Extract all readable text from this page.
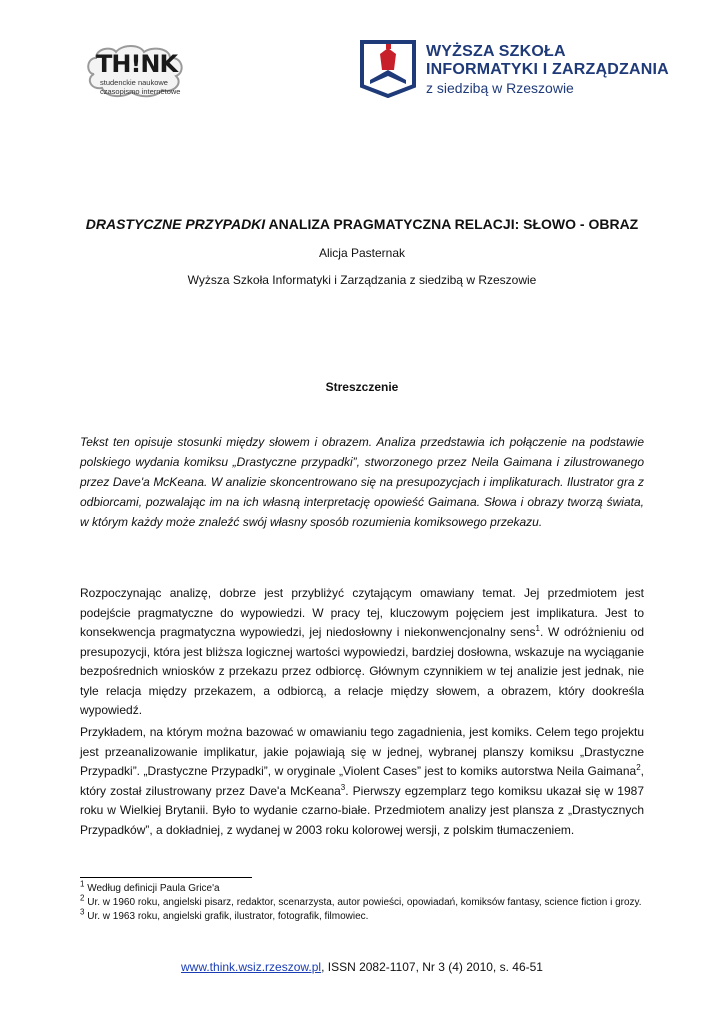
TH!NK
studenckie naukowe
czasopismo internetowe
WYŻSZA SZKOŁA
INFORMATYKI I ZARZĄDZANIA
z siedzibą w Rzeszowie
DRASTYCZNE PRZYPADKI ANALIZA PRAGMATYCZNA RELACJI: SŁOWO - OBRAZ
Alicja Pasternak
Wyższa Szkoła Informatyki i Zarządzania z siedzibą w Rzeszowie
Streszczenie
Tekst ten opisuje stosunki między słowem i obrazem. Analiza przedstawia ich połączenie na podstawie polskiego wydania komiksu „Drastyczne przypadki”, stworzonego przez Neila Gaimana i zilustrowanego przez Dave'a McKeana. W analizie skoncentrowano się na presupozycjach i implikaturach. Ilustrator gra z odbiorcami, pozwalając im na ich własną interpretację opowieść Gaimana. Słowa i obrazy tworzą świata, w którym każdy może znaleźć swój własny sposób rozumienia komiksowego przekazu.
Rozpoczynając analizę, dobrze jest przybliżyć czytającym omawiany temat. Jej przedmiotem jest podejście pragmatyczne do wypowiedzi. W pracy tej, kluczowym pojęciem jest implikatura. Jest to konsekwencja pragmatyczna wypowiedzi, jej niedosłowny i niekonwencjonalny sens$^1$. W odróżnieniu od presupozycji, która jest bliższa logicznej wartości wypowiedzi, bardziej dosłowna, wskazuje na wyciąganie bezpośrednich wniosków z przekazu przez odbiorcę. Głównym czynnikiem w tej analizie jest jednak, nie tyle relacja między przekazem, a odbiorcą, a relacje między słowem, a obrazem, który dookreśla wypowiedź.
Przykładem, na którym można bazować w omawianiu tego zagadnienia, jest komiks. Celem tego projektu jest przeanalizowanie implikatur, jakie pojawiają się w jednej, wybranej planszy komiksu „Drastyczne Przypadki”. „Drastyczne Przypadki”, w oryginale „Violent Cases” jest to komiks autorstwa Neila Gaimana$^2$, który został zilustrowany przez Dave'a McKeana$^3$. Pierwszy egzemplarz tego komiksu ukazał się w 1987 roku w Wielkiej Brytanii. Było to wydanie czarno-białe. Przedmiotem analizy jest plansza z „Drastycznych Przypadków”, a dokładniej, z wydanej w 2003 roku kolorowej wersji, z polskim tłumaczeniem.
$^1$ Według definicji Paula Grice'a
$^2$ Ur. w 1960 roku, angielski pisarz, redaktor, scenarzysta, autor powieści, opowiadań, komiksów fantasy, science fiction i grozy.
$^3$ Ur. w 1963 roku, angielski grafik, ilustrator, fotografik, filmowiec.
www.think.wsiz.rzeszow.pl, ISSN 2082-1107, Nr 3 (4) 2010, s. 46-51
